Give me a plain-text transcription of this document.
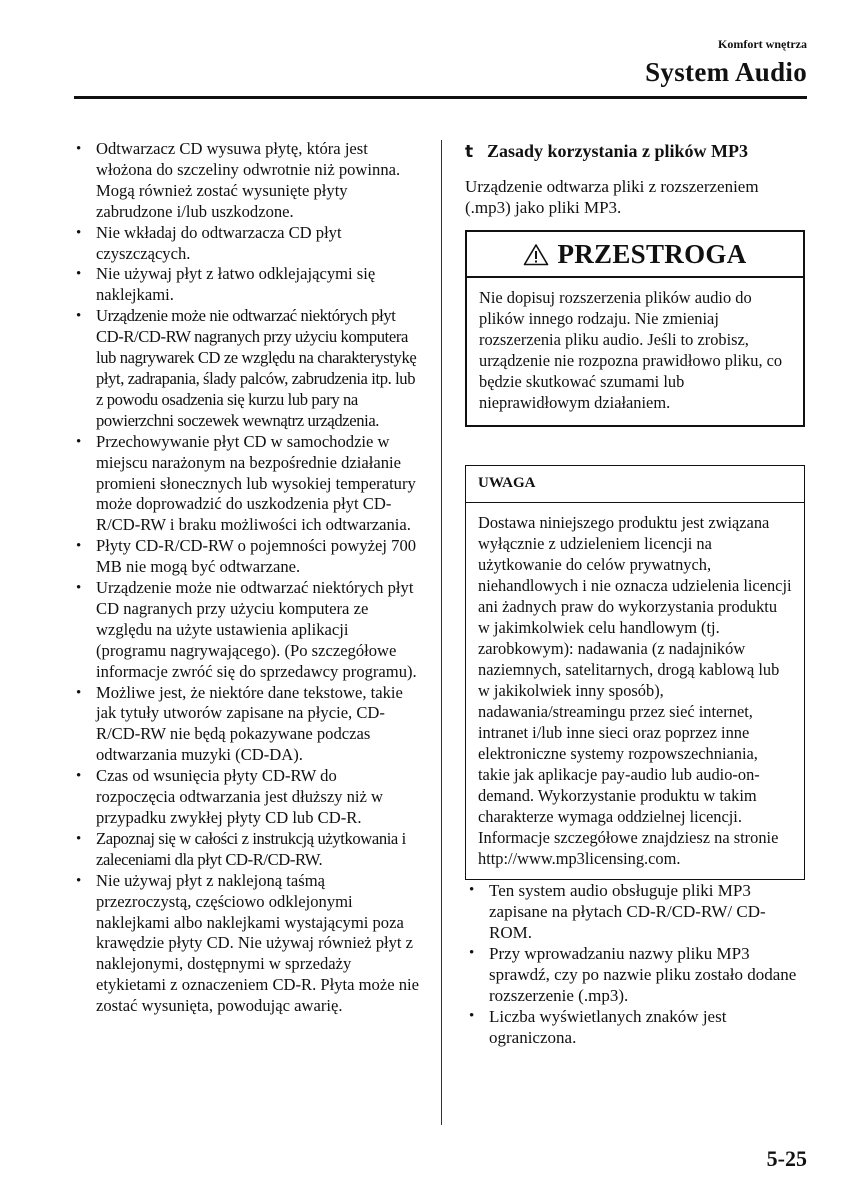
Komfort wnętrza
System Audio
• Odtwarzacz CD wysuwa płytę, która jest włożona do szczeliny odwrotnie niż powinna. Mogą również zostać wysunięte płyty zabrudzone i/lub uszkodzone.
• Nie wkładaj do odtwarzacza CD płyt czyszczących.
• Nie używaj płyt z łatwo odklejającymi się naklejkami.
• Urządzenie może nie odtwarzać niektórych płyt CD-R/CD-RW nagranych przy użyciu komputera lub nagrywarek CD ze względu na charakterystykę płyt, zadrapania, ślady palców, zabrudzenia itp. lub z powodu osadzenia się kurzu lub pary na powierzchni soczewek wewnątrz urządzenia.
• Przechowywanie płyt CD w samochodzie w miejscu narażonym na bezpośrednie działanie promieni słonecznych lub wysokiej temperatury może doprowadzić do uszkodzenia płyt CD-R/CD-RW i braku możliwości ich odtwarzania.
• Płyty CD-R/CD-RW o pojemności powyżej 700 MB nie mogą być odtwarzane.
• Urządzenie może nie odtwarzać niektórych płyt CD nagranych przy użyciu komputera ze względu na użyte ustawienia aplikacji (programu nagrywającego). (Po szczegółowe informacje zwróć się do sprzedawcy programu).
• Możliwe jest, że niektóre dane tekstowe, takie jak tytuły utworów zapisane na płycie, CD-R/CD-RW nie będą pokazywane podczas odtwarzania muzyki (CD-DA).
• Czas od wsunięcia płyty CD-RW do rozpoczęcia odtwarzania jest dłuższy niż w przypadku zwykłej płyty CD lub CD-R.
• Zapoznaj się w całości z instrukcją użytkowania i zaleceniami dla płyt CD-R/CD-RW.
• Nie używaj płyt z naklejoną taśmą przezroczystą, częściowo odklejonymi naklejkami albo naklejkami wystającymi poza krawędzie płyty CD. Nie używaj również płyt z naklejonymi, dostępnymi w sprzedaży etykietami z oznaczeniem CD-R. Płyta może nie zostać wysunięta, powodując awarię.
t Zasady korzystania z plików MP3

Urządzenie odtwarza pliki z rozszerzeniem (.mp3) jako pliki MP3.

PRZESTROGA
Nie dopisuj rozszerzenia plików audio do plików innego rodzaju. Nie zmieniaj rozszerzenia pliku audio. Jeśli to zrobisz, urządzenie nie rozpozna prawidłowo pliku, co będzie skutkować szumami lub nieprawidłowym działaniem.
UWAGA
Dostawa niniejszego produktu jest związana wyłącznie z udzieleniem licencji na użytkowanie do celów prywatnych, niehandlowych i nie oznacza udzielenia licencji ani żadnych praw do wykorzystania produktu w jakimkolwiek celu handlowym (tj. zarobkowym): nadawania (z nadajników naziemnych, satelitarnych, drogą kablową lub w jakikolwiek inny sposób), nadawania/streamingu przez sieć internet, intranet i/lub inne sieci oraz poprzez inne elektroniczne systemy rozpowszechniania, takie jak aplikacje pay-audio lub audio-on-demand. Wykorzystanie produktu w takim charakterze wymaga oddzielnej licencji. Informacje szczegółowe znajdziesz na stronie http://www.mp3licensing.com.
• Ten system audio obsługuje pliki MP3 zapisane na płytach CD-R/CD-RW/ CD-ROM.
• Przy wprowadzaniu nazwy pliku MP3 sprawdź, czy po nazwie pliku zostało dodane rozszerzenie (.mp3).
• Liczba wyświetlanych znaków jest ograniczona.
5-25
